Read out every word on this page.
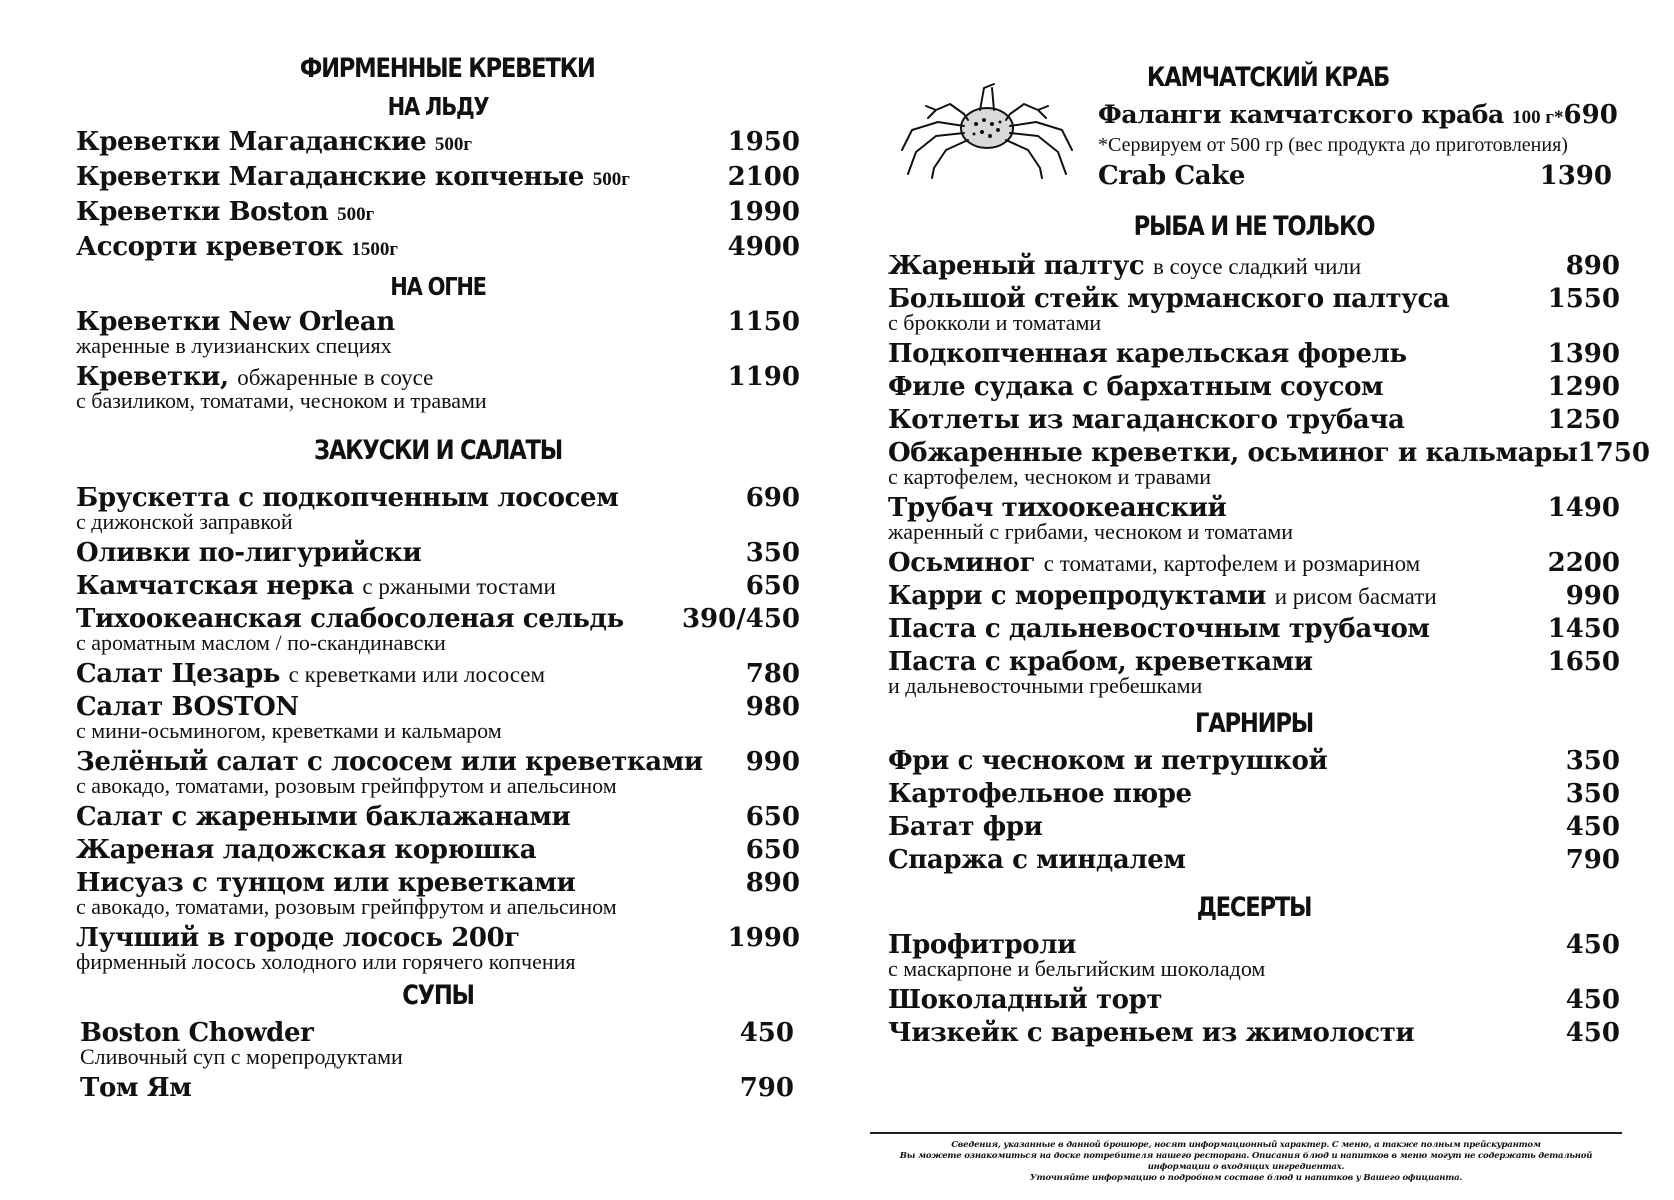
ФИРМЕННЫЕ КРЕВЕТКИ
НА ЛЬДУ
Креветки Магаданские 500г	1950
Креветки Магаданские копченые 500г	2100
Креветки Boston 500г	1990
Ассорти креветок 1500г	4900
НА ОГНЕ
Креветки New Orlean	1150
жаренные в луизианских специях
Креветки, обжаренные в соусе	1190
с базиликом, томатами, чесноком и травами
ЗАКУСКИ И САЛАТЫ
Брускетта с подкопченным лососем	690
с дижонской заправкой
Оливки по-лигурийски	350
Камчатская нерка с ржаными тостами	650
Тихоокеанская слабосоленая сельдь 390/450
с ароматным маслом / по-скандинавски
Салат Цезарь с креветками или лососем	780
Салат BOSTON	980
с мини-осьминогом, креветками и кальмаром
Зелёный салат с лососем или креветками 990
с авокадо, томатами, розовым грейпфрутом и апельсином
Салат с жареными баклажанами	650
Жареная ладожская корюшка	650
Нисуаз с тунцом или креветками	890
с авокадо, томатами, розовым грейпфрутом и апельсином
Лучший в городе лосось 200г	1990
фирменный лосось холодного или горячего копчения
СУПЫ
Boston Chowder	450
Сливочный суп с морепродуктами
Том Ям	790
КАМЧАТСКИЙ КРАБ
Фаланги камчатского краба 100 г* 690
*Сервируем от 500 гр (вес продукта до приготовления)
Crab Cake	1390
РЫБА И НЕ ТОЛЬКО
Жареный палтус в соусе сладкий чили	890
Большой стейк мурманского палтуса	1550
с брокколи и томатами
Подкопченная карельская форель	1390
Филе судака с бархатным соусом	1290
Котлеты из магаданского трубача	1250
Обжаренные креветки, осьминог и кальмары 1750
с картофелем, чесноком и травами
Трубач тихоокеанский	1490
жаренный с грибами, чесноком и томатами
Осьминог с томатами, картофелем и розмарином	2200
Карри с морепродуктами и рисом басмати	990
Паста с дальневосточным трубачом	1450
Паста с крабом, креветками	1650
и дальневосточными гребешками
ГАРНИРЫ
Фри с чесноком и петрушкой	350
Картофельное пюре	350
Батат фри	450
Спаржа с миндалем	790
ДЕСЕРТЫ
Профитроли	450
с маскарпоне и бельгийским шоколадом
Шоколадный торт	450
Чизкейк с вареньем из жимолости	450
Сведения, указанные в данной брошюре, носят информационный характер. С меню, а также полным прейскурантом
Вы можете ознакомиться на доске потребителя нашего ресторана. Описания блюд и напитков в меню могут не содержать детальной информации о входящих ингредиентах.
Уточняйте информацию о подробном составе блюд и напитков у Вашего официанта.
